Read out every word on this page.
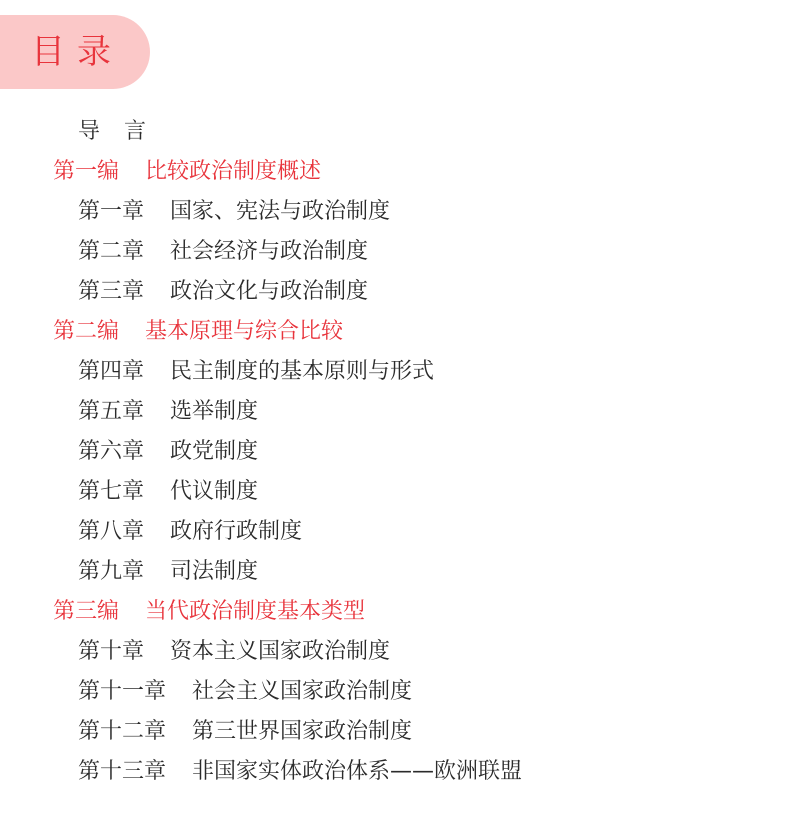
目录
导言
第一编 比较政治制度概述
第一章 国家、宪法与政治制度
第二章 社会经济与政治制度
第三章 政治文化与政治制度
第二编 基本原理与综合比较
第四章 民主制度的基本原则与形式
第五章 选举制度
第六章 政党制度
第七章 代议制度
第八章 政府行政制度
第九章 司法制度
第三编 当代政治制度基本类型
第十章 资本主义国家政治制度
第十一章 社会主义国家政治制度
第十二章 第三世界国家政治制度
第十三章 非国家实体政治体系——欧洲联盟
